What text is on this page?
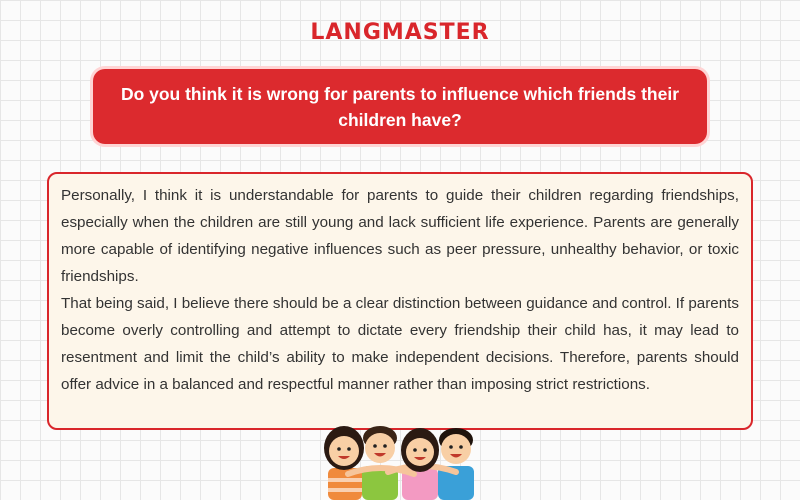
LANGMASTER
Do you think it is wrong for parents to influence which friends their children have?

Personally, I think it is understandable for parents to guide their children regarding friendships, especially when the children are still young and lack sufficient life experience. Parents are generally more capable of identifying negative influences such as peer pressure, unhealthy behavior, or toxic friendships.

That being said, I believe there should be a clear distinction between guidance and control. If parents become overly controlling and attempt to dictate every friendship their child has, it may lead to resentment and limit the child’s ability to make independent decisions. Therefore, parents should offer advice in a balanced and respectful manner rather than imposing strict restrictions.
